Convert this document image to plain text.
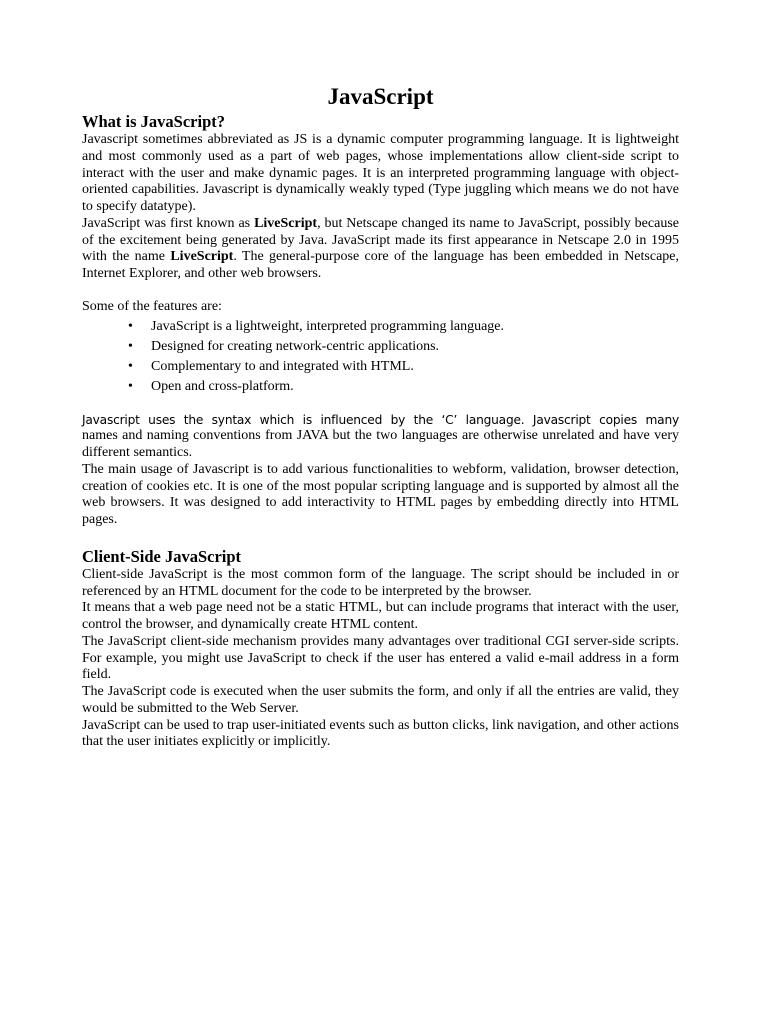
JavaScript
What is JavaScript?

Javascript sometimes abbreviated as JS is a dynamic computer programming language. It is lightweight and most commonly used as a part of web pages, whose implementations allow client-side script to interact with the user and make dynamic pages. It is an interpreted programming language with object-oriented capabilities. Javascript is dynamically weakly typed (Type juggling which means we do not have to specify datatype).

JavaScript was first known as LiveScript, but Netscape changed its name to JavaScript, possibly because of the excitement being generated by Java. JavaScript made its first appearance in Netscape 2.0 in 1995 with the name LiveScript. The general-purpose core of the language has been embedded in Netscape, Internet Explorer, and other web browsers.

Some of the features are:

• JavaScript is a lightweight, interpreted programming language.
• Designed for creating network-centric applications.
• Complementary to and integrated with HTML.
• Open and cross-platform.

Javascript uses the syntax which is influenced by the ‘C’ language. Javascript copies many
names and naming conventions from JAVA but the two languages are otherwise unrelated and have very different semantics.

The main usage of Javascript is to add various functionalities to webform, validation, browser detection, creation of cookies etc. It is one of the most popular scripting language and is supported by almost all the web browsers. It was designed to add interactivity to HTML pages by embedding directly into HTML pages.

Client-Side JavaScript

Client-side JavaScript is the most common form of the language. The script should be included in or referenced by an HTML document for the code to be interpreted by the browser.

It means that a web page need not be a static HTML, but can include programs that interact with the user, control the browser, and dynamically create HTML content.

The JavaScript client-side mechanism provides many advantages over traditional CGI server-side scripts. For example, you might use JavaScript to check if the user has entered a valid e-mail address in a form field.

The JavaScript code is executed when the user submits the form, and only if all the entries are valid, they would be submitted to the Web Server.

JavaScript can be used to trap user-initiated events such as button clicks, link navigation, and other actions that the user initiates explicitly or implicitly.
